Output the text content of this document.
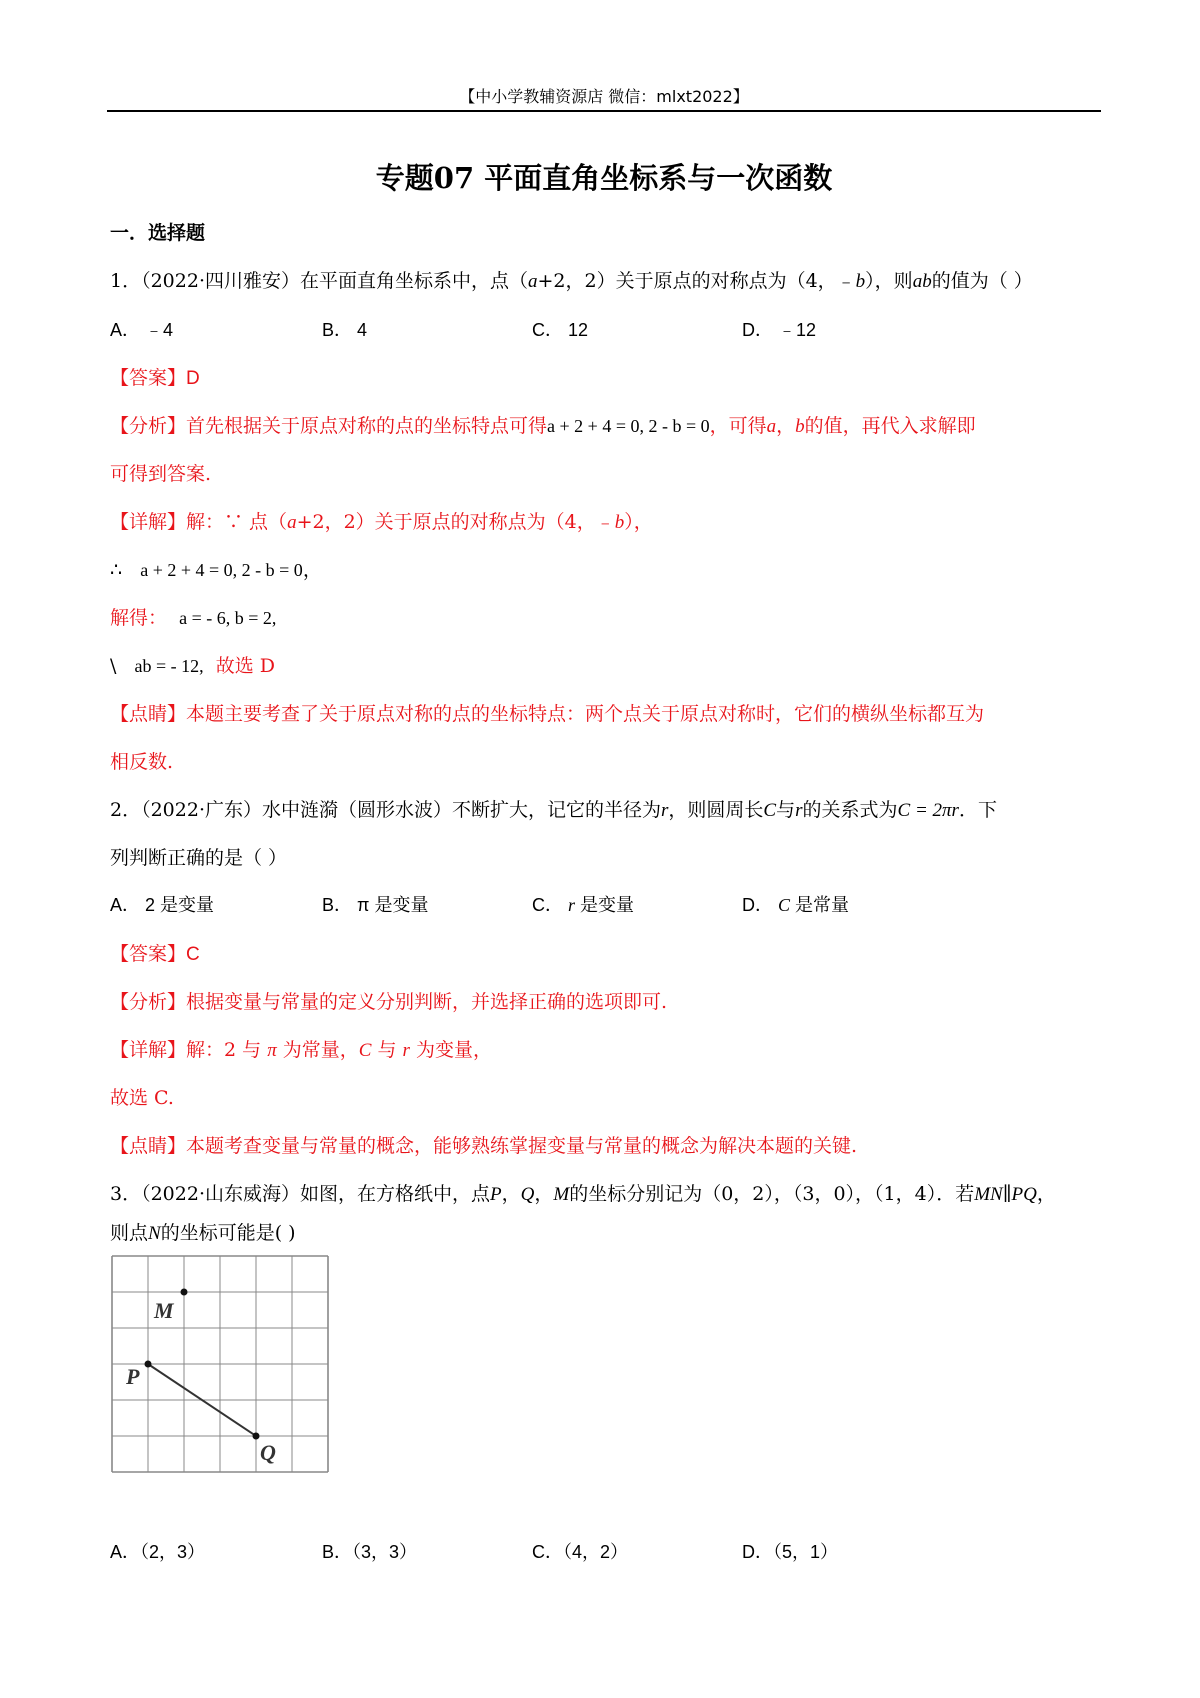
【中小学教辅资源店 微信：mlxt2022】
专题07 平面直角坐标系与一次函数
一．选择题
1．（2022·四川雅安）在平面直角坐标系中，点（a+2，2）关于原点的对称点为（4，﹣b），则ab的值为（ ）
A． ﹣4	B． 4	C． 12	D． ﹣12
【答案】D
【分析】首先根据关于原点对称的点的坐标特点可得a + 2 + 4 = 0, 2 - b = 0，可得a，b的值，再代入求解即
可得到答案.
【详解】解：∵ 点（a+2，2）关于原点的对称点为（4，﹣b），
∴ a + 2 + 4 = 0, 2 - b = 0，
解得： a = - 6, b = 2,
\ ab = - 12, 故选 D
【点睛】本题主要考查了关于原点对称的点的坐标特点：两个点关于原点对称时，它们的横纵坐标都互为
相反数.
2．（2022·广东）水中涟漪（圆形水波）不断扩大，记它的半径为r，则圆周长C与r的关系式为C = 2πr．下
列判断正确的是（ ）
A． 2 是变量	B． π 是变量	C． r 是变量	D． C 是常量
【答案】C
【分析】根据变量与常量的定义分别判断，并选择正确的选项即可.
【详解】解：2 与 π 为常量，C 与 r 为变量，
故选 C.
【点睛】本题考查变量与常量的概念，能够熟练掌握变量与常量的概念为解决本题的关键.
3．（2022·山东威海）如图，在方格纸中，点P，Q，M的坐标分别记为（0，2），（3，0），（1，4）．若MN∥PQ，
则点N的坐标可能是( )
M
P
Q
A．（2，3）	B．（3，3）	C．（4，2）	D．（5，1）
